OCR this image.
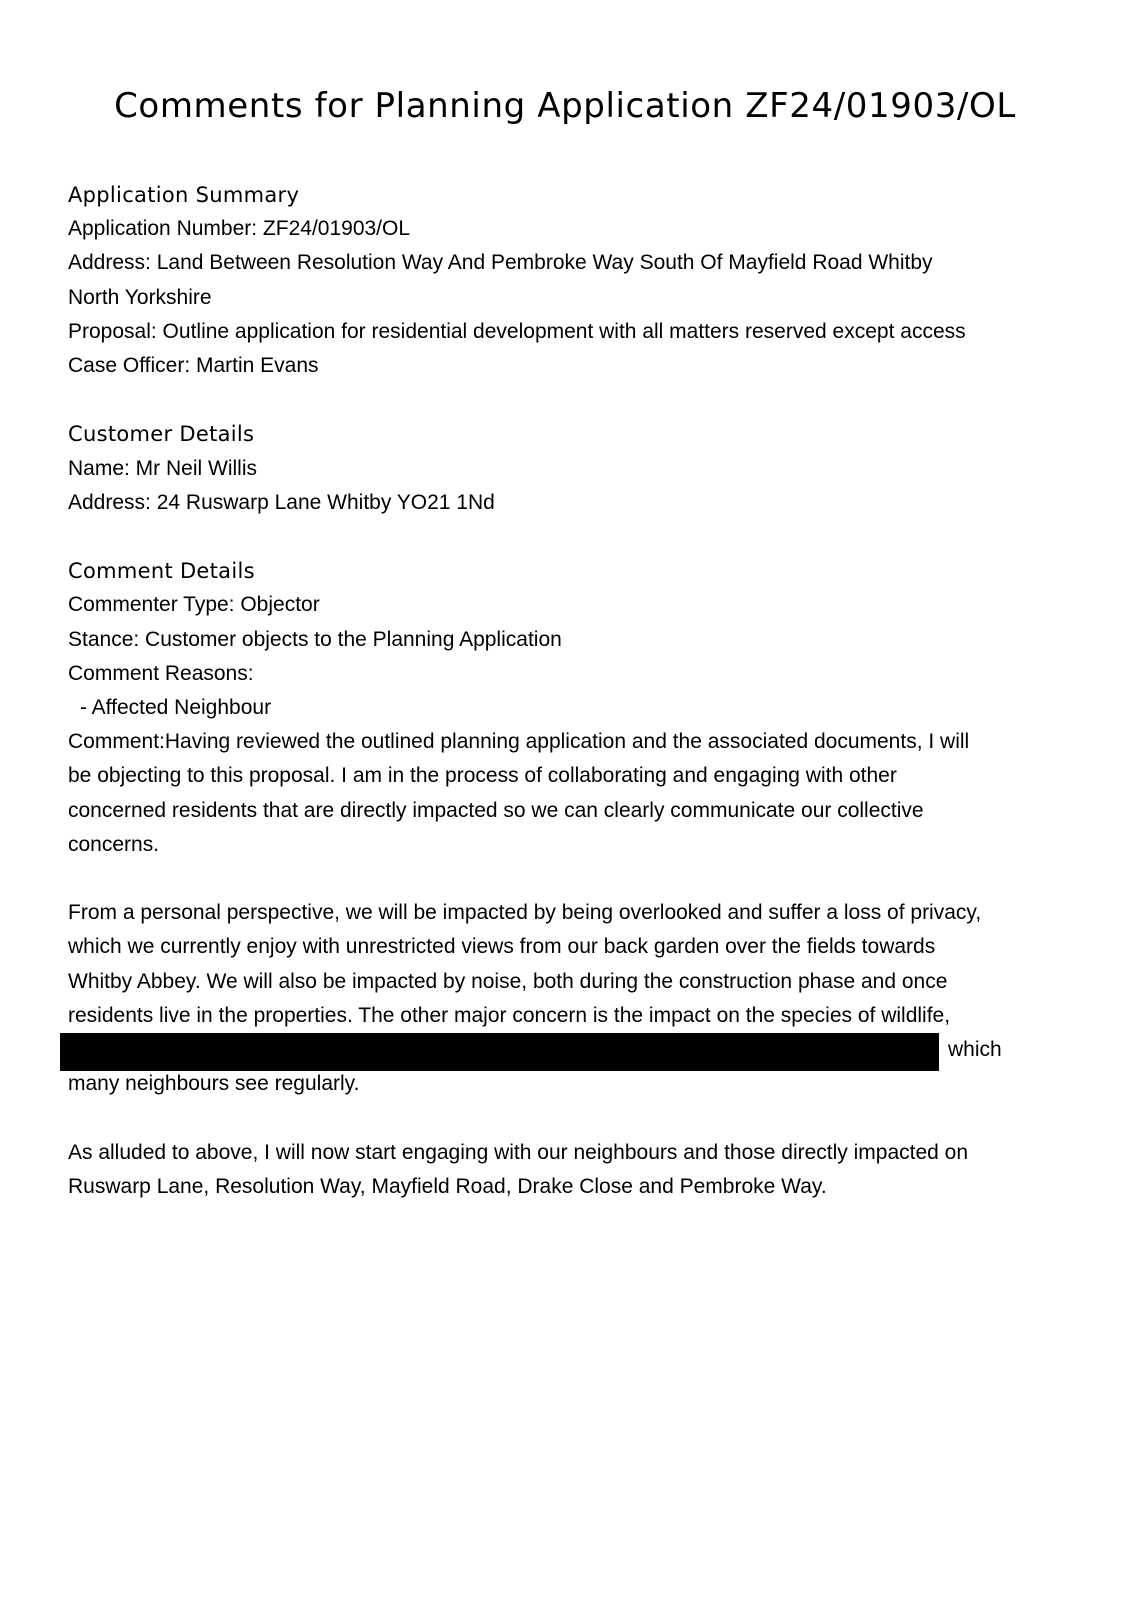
Comments for Planning Application ZF24/01903/OL
Application Summary

Application Number: ZF24/01903/OL

Address: Land Between Resolution Way And Pembroke Way South Of Mayfield Road Whitby

North Yorkshire

Proposal: Outline application for residential development with all matters reserved except access

Case Officer: Martin Evans

Customer Details

Name: Mr Neil Willis

Address: 24 Ruswarp Lane Whitby YO21 1Nd

Comment Details

Commenter Type: Objector

Stance: Customer objects to the Planning Application

Comment Reasons:

- Affected Neighbour

Comment:Having reviewed the outlined planning application and the associated documents, I will

be objecting to this proposal. I am in the process of collaborating and engaging with other

concerned residents that are directly impacted so we can clearly communicate our collective

concerns.

From a personal perspective, we will be impacted by being overlooked and suffer a loss of privacy,

which we currently enjoy with unrestricted views from our back garden over the fields towards

Whitby Abbey. We will also be impacted by noise, both during the construction phase and once

residents live in the properties. The other major concern is the impact on the species of wildlife,

which

many neighbours see regularly.

As alluded to above, I will now start engaging with our neighbours and those directly impacted on

Ruswarp Lane, Resolution Way, Mayfield Road, Drake Close and Pembroke Way.
